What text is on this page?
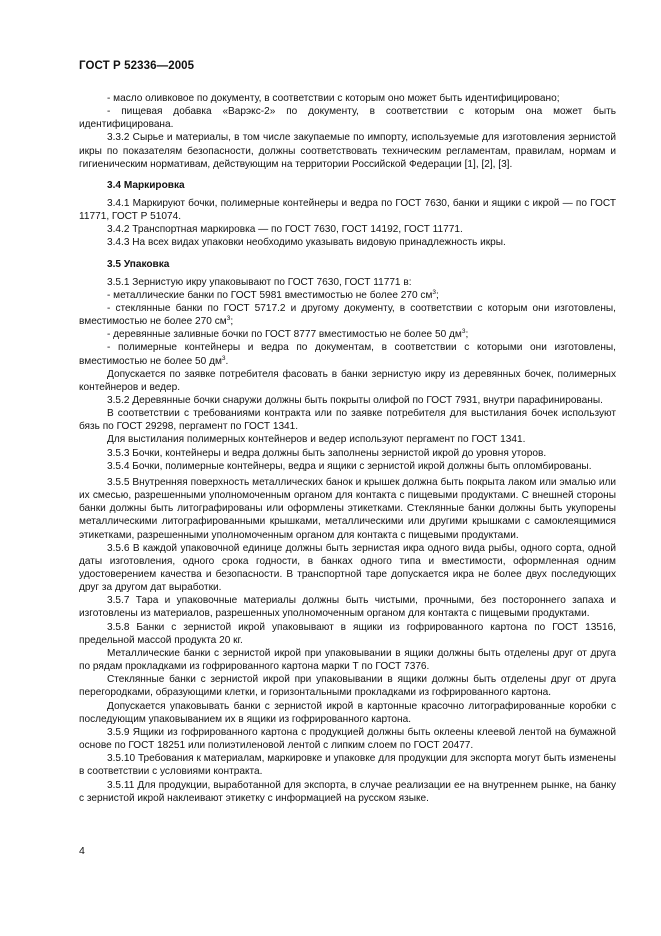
ГОСТ Р 52336—2005

- масло оливковое по документу, в соответствии с которым оно может быть идентифицировано;

- пищевая добавка «Варэкс-2» по документу, в соответствии с которым она может быть идентифицирована.

3.3.2 Сырье и материалы, в том числе закупаемые по импорту, используемые для изготовления зернистой икры по показателям безопасности, должны соответствовать техническим регламентам, правилам, нормам и гигиеническим нормативам, действующим на территории Российской Федерации [1], [2], [3].

3.4 Маркировка

3.4.1 Маркируют бочки, полимерные контейнеры и ведра по ГОСТ 7630, банки и ящики с икрой — по ГОСТ 11771, ГОСТ Р 51074.

3.4.2 Транспортная маркировка — по ГОСТ 7630, ГОСТ 14192, ГОСТ 11771.

3.4.3 На всех видах упаковки необходимо указывать видовую принадлежность икры.

3.5 Упаковка

3.5.1 Зернистую икру упаковывают по ГОСТ 7630, ГОСТ 11771 в:

- металлические банки по ГОСТ 5981 вместимостью не более 270 $см^3$;

- стеклянные банки по ГОСТ 5717.2 и другому документу, в соответствии с которым они изготовлены, вместимостью не более 270 $см^3$;

- деревянные заливные бочки по ГОСТ 8777 вместимостью не более 50 $дм^3$;

- полимерные контейнеры и ведра по документам, в соответствии с которыми они изготовлены, вместимостью не более 50 $дм^3$.

Допускается по заявке потребителя фасовать в банки зернистую икру из деревянных бочек, полимерных контейнеров и ведер.

3.5.2 Деревянные бочки снаружи должны быть покрыты олифой по ГОСТ 7931, внутри парафинированы.

В соответствии с требованиями контракта или по заявке потребителя для выстилания бочек используют бязь по ГОСТ 29298, пергамент по ГОСТ 1341.

Для выстилания полимерных контейнеров и ведер используют пергамент по ГОСТ 1341.

3.5.3 Бочки, контейнеры и ведра должны быть заполнены зернистой икрой до уровня уторов.

3.5.4 Бочки, полимерные контейнеры, ведра и ящики с зернистой икрой должны быть опломбированы.

3.5.5 Внутренняя поверхность металлических банок и крышек должна быть покрыта лаком или эмалью или их смесью, разрешенными уполномоченным органом для контакта с пищевыми продуктами. С внешней стороны банки должны быть литографированы или оформлены этикетками. Стеклянные банки должны быть укупорены металлическими литографированными крышками, металлическими или другими крышками с самоклеящимися этикетками, разрешенными уполномоченным органом для контакта с пищевыми продуктами.

3.5.6 В каждой упаковочной единице должны быть зернистая икра одного вида рыбы, одного сорта, одной даты изготовления, одного срока годности, в банках одного типа и вместимости, оформленная одним удостоверением качества и безопасности. В транспортной таре допускается икра не более двух последующих друг за другом дат выработки.

3.5.7 Тара и упаковочные материалы должны быть чистыми, прочными, без постороннего запаха и изготовлены из материалов, разрешенных уполномоченным органом для контакта с пищевыми продуктами.

3.5.8 Банки с зернистой икрой упаковывают в ящики из гофрированного картона по ГОСТ 13516, предельной массой продукта 20 кг.

Металлические банки с зернистой икрой при упаковывании в ящики должны быть отделены друг от друга по рядам прокладками из гофрированного картона марки Т по ГОСТ 7376.

Стеклянные банки с зернистой икрой при упаковывании в ящики должны быть отделены друг от друга перегородками, образующими клетки, и горизонтальными прокладками из гофрированного картона.

Допускается упаковывать банки с зернистой икрой в картонные красочно литографированные коробки с последующим упаковыванием их в ящики из гофрированного картона.

3.5.9 Ящики из гофрированного картона с продукцией должны быть оклеены клеевой лентой на бумажной основе по ГОСТ 18251 или полиэтиленовой лентой с липким слоем по ГОСТ 20477.

3.5.10 Требования к материалам, маркировке и упаковке для продукции для экспорта могут быть изменены в соответствии с условиями контракта.

3.5.11 Для продукции, выработанной для экспорта, в случае реализации ее на внутреннем рынке, на банку с зернистой икрой наклеивают этикетку с информацией на русском языке.

4
